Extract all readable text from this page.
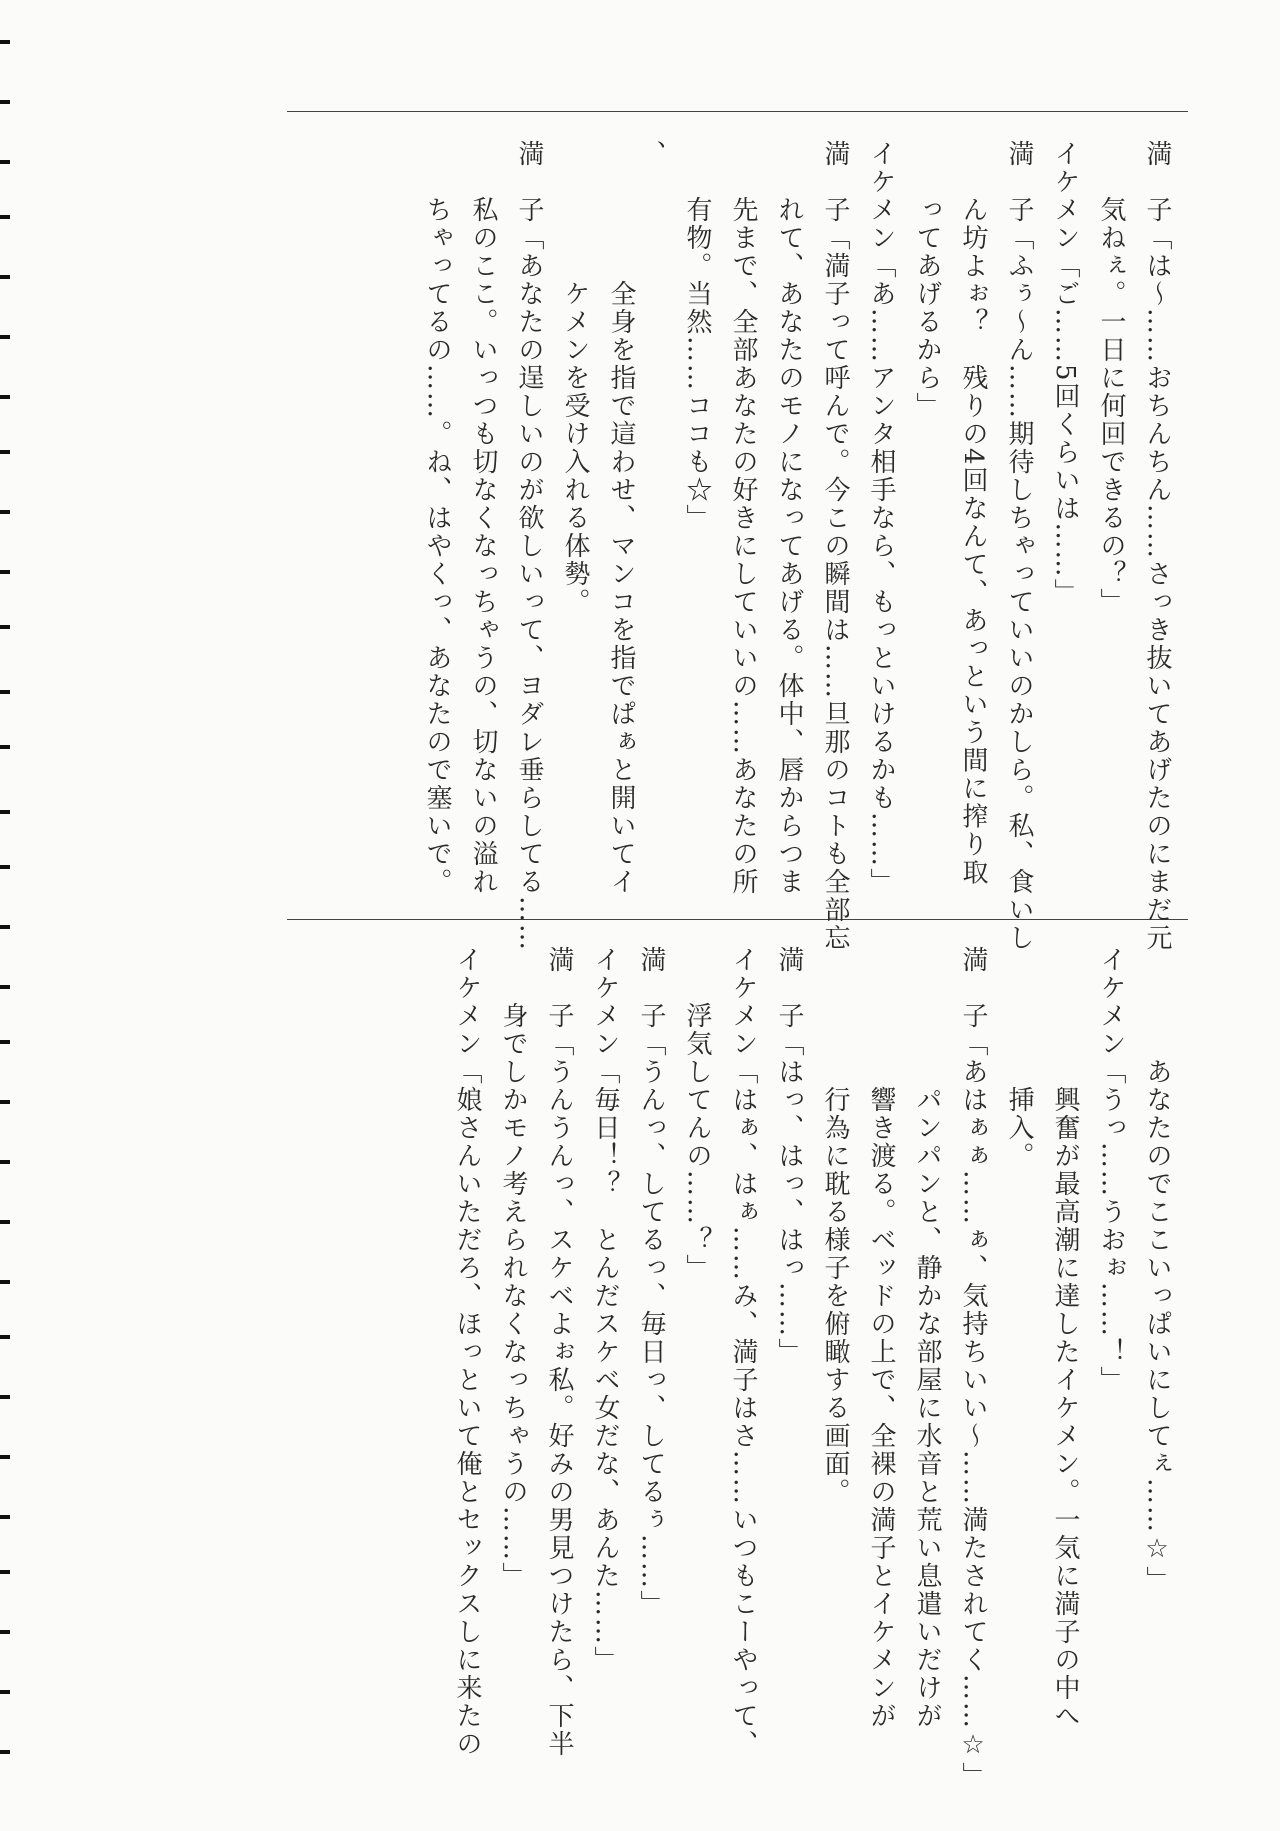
満　子「は～……おちんちん……さっき抜いてあげたのにまだ元
　　気ねぇ。一日に何回できるの？」
イケメン「ご……5回くらいは……」
満　子「ふぅ～ん……期待しちゃっていいのかしら。私、食いし
　　ん坊よぉ？　残りの4回なんて、あっという間に搾り取
　　ってあげるから」
イケメン「あ……アンタ相手なら、もっといけるかも……」
満　子「満子って呼んで。今この瞬間は……旦那のコトも全部忘
　　れて、あなたのモノになってあげる。体中、唇からつま
　　先まで、全部あなたの好きにしていいの……あなたの所
　　有物。当然……ココも☆」
、
全身を指で這わせ、マンコを指でぱぁと開いてイ
ケメンを受け入れる体勢。
満　子「あなたの逞しいのが欲しいって、ヨダレ垂らしてる……
　　私のここ。いっつも切なくなっちゃうの、切ないの溢れ
　　ちゃってるの……。ね、はやくっ、あなたので塞いで。
あなたのでここいっぱいにしてぇ……☆」
イケメン「うっ……うおぉ……！」
興奮が最高潮に達したイケメン。一気に満子の中へ
挿入。
満　子「あはぁぁ……ぁ、気持ちいい～……満たされてく……☆」
パンパンと、静かな部屋に水音と荒い息遣いだけが
響き渡る。ベッドの上で、全裸の満子とイケメンが
行為に耽る様子を俯瞰する画面。
満　子「はっ、はっ、はっ……」
イケメン「はぁ、はぁ……み、満子はさ……いつもこーやって、
　　浮気してんの……？」
満　子「うんっ、してるっ、毎日っ、してるぅ……」
イケメン「毎日！？　とんだスケベ女だな、あんた……」
満　子「うんうんっ、スケベよぉ私。好みの男見つけたら、下半
　　身でしかモノ考えられなくなっちゃうの……」
イケメン「娘さんいただろ、ほっといて俺とセックスしに来たの
